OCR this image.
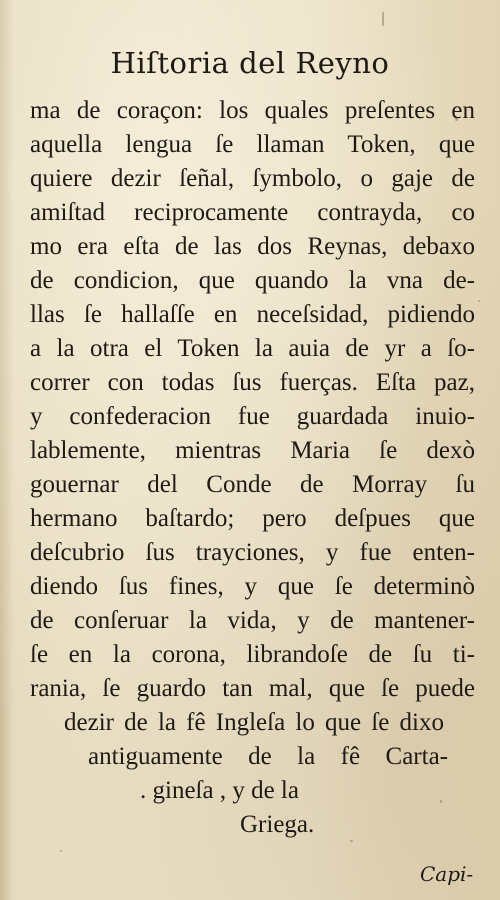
Hiſtoria del Reyno
ma de coraçon: los quales preſentes en
aquella lengua ſe llaman Token, que
quiere dezir ſeñal, ſymbolo, o gaje de
amiſtad reciprocamente contrayda, co
mo era eſta de las dos Reynas, debaxo
de condicion, que quando la vna de-
llas ſe hallaſſe en neceſsidad, pidiendo
a la otra el Token la auia de yr a ſo-
correr con todas ſus fuerças. Eſta paz,
y confederacion fue guardada inuio-
lablemente, mientras Maria ſe dexò
gouernar del Conde de Morray ſu
hermano baſtardo; pero deſpues que
deſcubrio ſus trayciones, y fue enten-
diendo ſus fines, y que ſe determinò
de conſeruar la vida, y de mantener-
ſe en la corona, librandoſe de ſu ti-
rania, ſe guardo tan mal, que ſe puede
dezir de la fê Ingleſa lo que ſe dixo
antiguamente de la fê Carta-
. gineſa , y de la
Griega.
Capi-
